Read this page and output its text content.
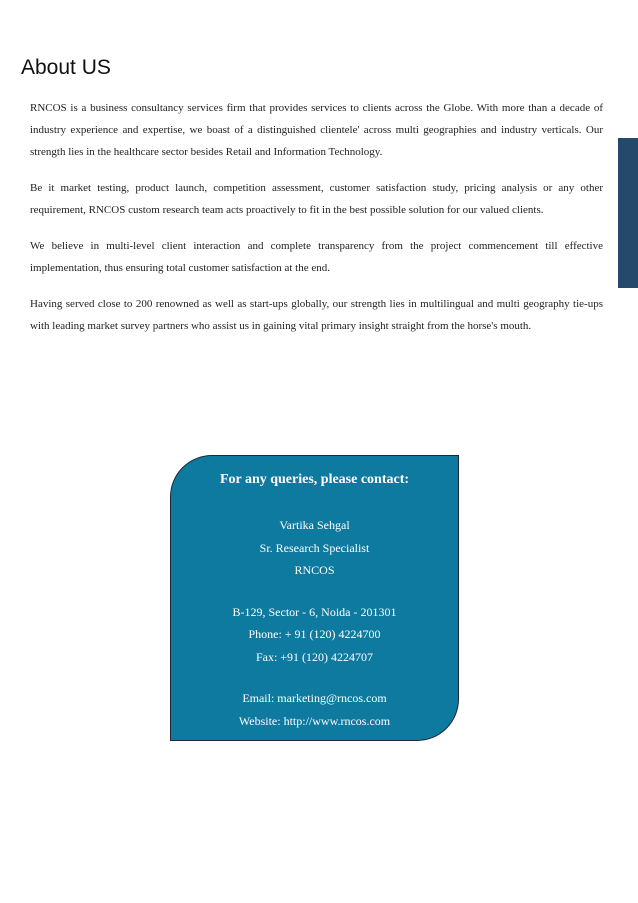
About US

RNCOS is a business consultancy services firm that provides services to clients across the Globe. With more than a decade of industry experience and expertise, we boast of a distinguished clientele' across multi geographies and industry verticals. Our strength lies in the healthcare sector besides Retail and Information Technology.

Be it market testing, product launch, competition assessment, customer satisfaction study, pricing analysis or any other requirement, RNCOS custom research team acts proactively to fit in the best possible solution for our valued clients.

We believe in multi-level client interaction and complete transparency from the project commencement till effective implementation, thus ensuring total customer satisfaction at the end.

Having served close to 200 renowned as well as start-ups globally, our strength lies in multilingual and multi geography tie-ups with leading market survey partners who assist us in gaining vital primary insight straight from the horse's mouth.

For any queries, please contact:
Vartika Sehgal
Sr. Research Specialist
RNCOS
B-129, Sector - 6, Noida - 201301
Phone: + 91 (120) 4224700
Fax: +91 (120) 4224707
Email: marketing@rncos.com
Website: http://www.rncos.com
